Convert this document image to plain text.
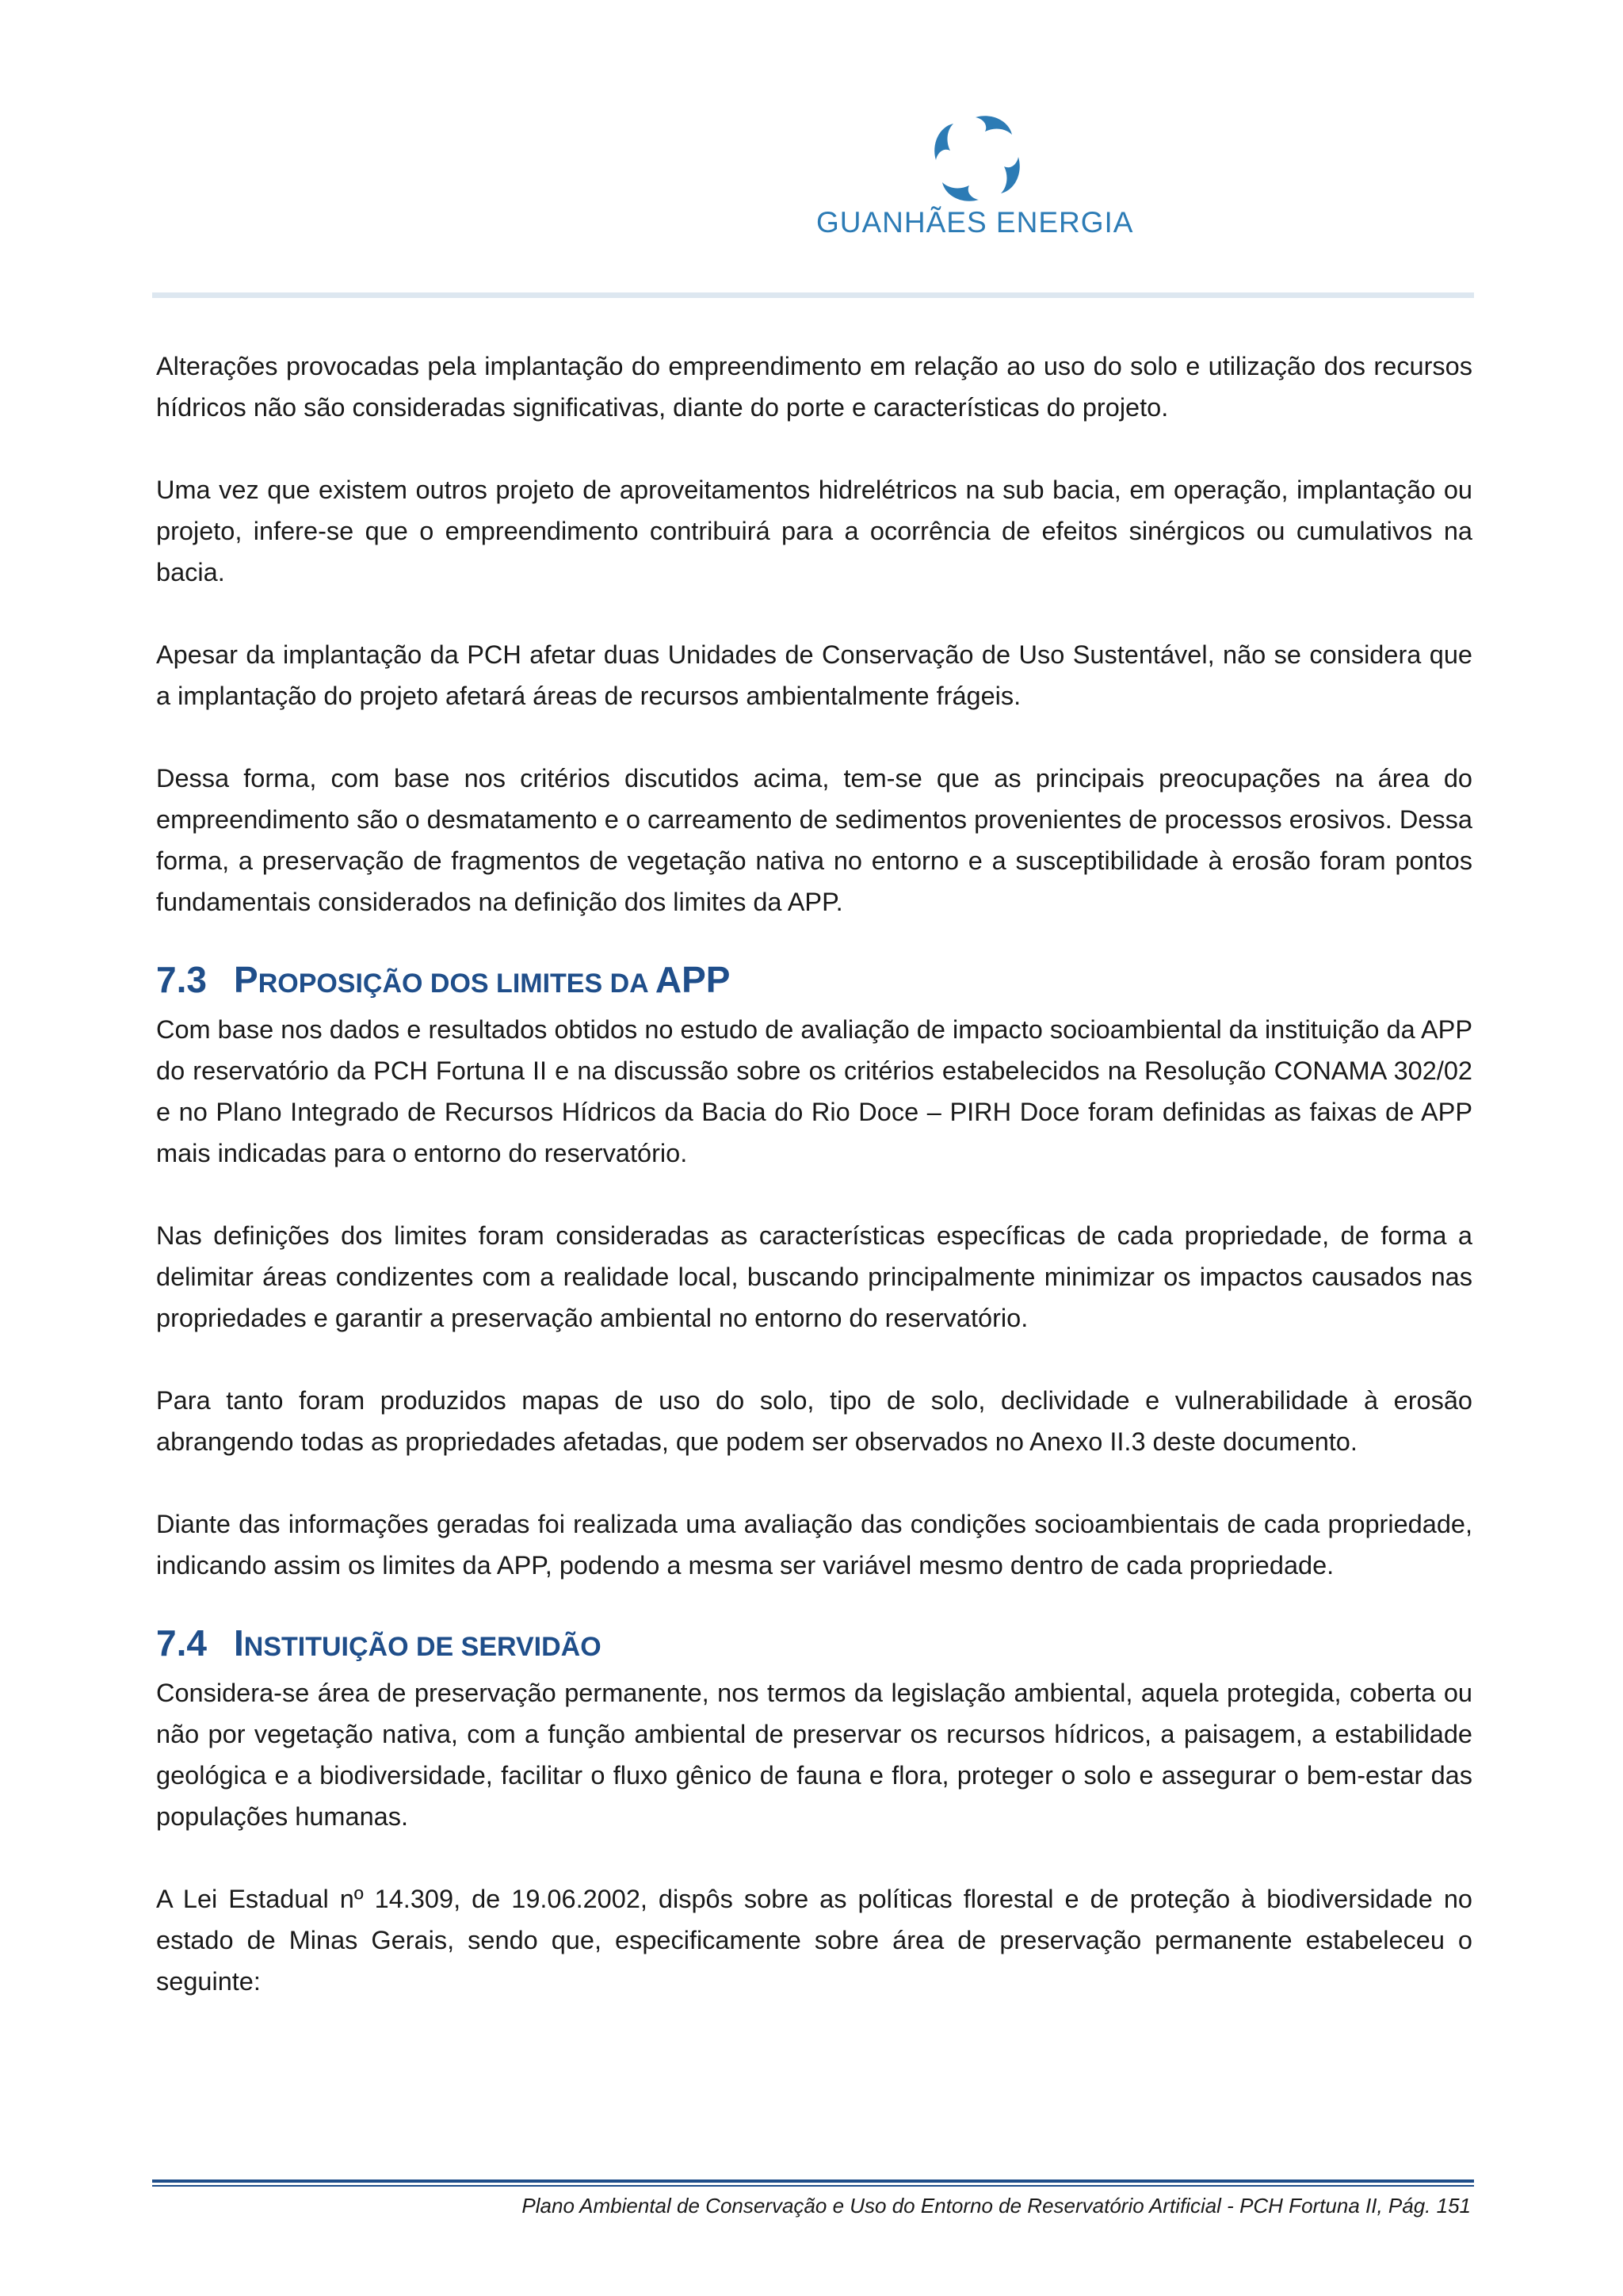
GUANHÃES ENERGIA

Alterações provocadas pela implantação do empreendimento em relação ao uso do solo e utilização dos recursos hídricos não são consideradas significativas, diante do porte e características do projeto.

Uma vez que existem outros projeto de aproveitamentos hidrelétricos na sub bacia, em operação, implantação ou projeto, infere-se que o empreendimento contribuirá para a ocorrência de efeitos sinérgicos ou cumulativos na bacia.

Apesar da implantação da PCH afetar duas Unidades de Conservação de Uso Sustentável, não se considera que a implantação do projeto afetará áreas de recursos ambientalmente frágeis.

Dessa forma, com base nos critérios discutidos acima, tem-se que as principais preocupações na área do empreendimento são o desmatamento e o carreamento de sedimentos provenientes de processos erosivos. Dessa forma, a preservação de fragmentos de vegetação nativa no entorno e a susceptibilidade à erosão foram pontos fundamentais considerados na definição dos limites da APP.

7.3 PROPOSIÇÃO DOS LIMITES DA APP

Com base nos dados e resultados obtidos no estudo de avaliação de impacto socioambiental da instituição da APP do reservatório da PCH Fortuna II e na discussão sobre os critérios estabelecidos na Resolução CONAMA 302/02 e no Plano Integrado de Recursos Hídricos da Bacia do Rio Doce – PIRH Doce foram definidas as faixas de APP mais indicadas para o entorno do reservatório.

Nas definições dos limites foram consideradas as características específicas de cada propriedade, de forma a delimitar áreas condizentes com a realidade local, buscando principalmente minimizar os impactos causados nas propriedades e garantir a preservação ambiental no entorno do reservatório.

Para tanto foram produzidos mapas de uso do solo, tipo de solo, declividade e vulnerabilidade à erosão abrangendo todas as propriedades afetadas, que podem ser observados no Anexo II.3 deste documento.

Diante das informações geradas foi realizada uma avaliação das condições socioambientais de cada propriedade, indicando assim os limites da APP, podendo a mesma ser variável mesmo dentro de cada propriedade.

7.4 INSTITUIÇÃO DE SERVIDÃO

Considera-se área de preservação permanente, nos termos da legislação ambiental, aquela protegida, coberta ou não por vegetação nativa, com a função ambiental de preservar os recursos hídricos, a paisagem, a estabilidade geológica e a biodiversidade, facilitar o fluxo gênico de fauna e flora, proteger o solo e assegurar o bem-estar das populações humanas.

A Lei Estadual nº 14.309, de 19.06.2002, dispôs sobre as políticas florestal e de proteção à biodiversidade no estado de Minas Gerais, sendo que, especificamente sobre área de preservação permanente estabeleceu o seguinte:

Plano Ambiental de Conservação e Uso do Entorno de Reservatório Artificial - PCH Fortuna II, Pág. 151
